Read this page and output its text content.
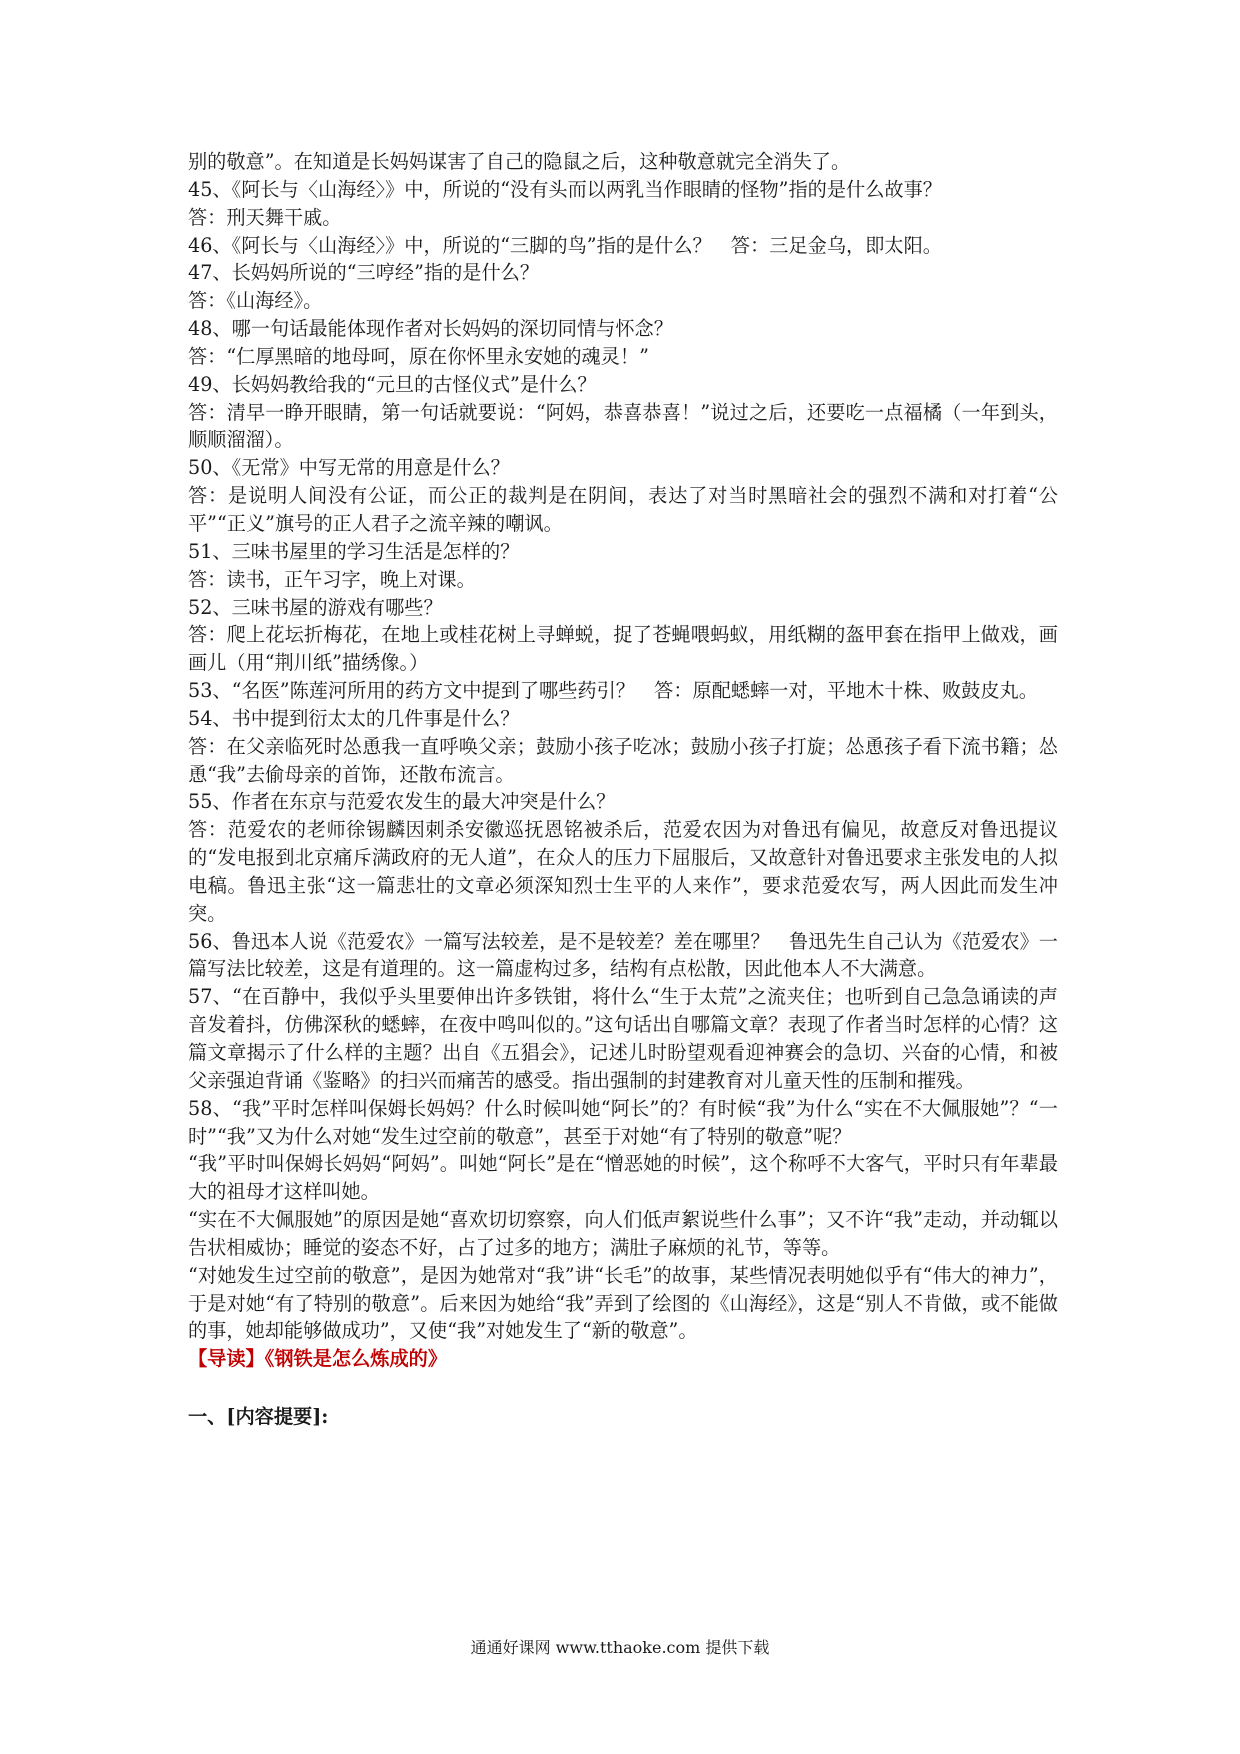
别的敬意”。在知道是长妈妈谋害了自己的隐鼠之后，这种敬意就完全消失了。

45、《阿长与〈山海经〉》中，所说的“没有头而以两乳当作眼睛的怪物”指的是什么故事？

答：刑天舞干戚。

46、《阿长与〈山海经〉》中，所说的“三脚的鸟”指的是什么？　答：三足金乌，即太阳。

47、长妈妈所说的“三哼经”指的是什么？

答：《山海经》。

48、哪一句话最能体现作者对长妈妈的深切同情与怀念？

答：“仁厚黑暗的地母呵，原在你怀里永安她的魂灵！”

49、长妈妈教给我的“元旦的古怪仪式”是什么？

答：清早一睁开眼睛，第一句话就要说：“阿妈，恭喜恭喜！”说过之后，还要吃一点福橘（一年到头，顺顺溜溜）。

50、《无常》中写无常的用意是什么？

答：是说明人间没有公证，而公正的裁判是在阴间，表达了对当时黑暗社会的强烈不满和对打着“公平”“正义”旗号的正人君子之流辛辣的嘲讽。

51、三味书屋里的学习生活是怎样的？

答：读书，正午习字，晚上对课。

52、三味书屋的游戏有哪些？

答：爬上花坛折梅花，在地上或桂花树上寻蝉蜕，捉了苍蝇喂蚂蚁，用纸糊的盔甲套在指甲上做戏，画画儿（用“荆川纸”描绣像。）

53、“名医”陈莲河所用的药方文中提到了哪些药引？　答：原配蟋蟀一对，平地木十株、败鼓皮丸。

54、书中提到衍太太的几件事是什么？

答：在父亲临死时怂恿我一直呼唤父亲；鼓励小孩子吃冰；鼓励小孩子打旋；怂恿孩子看下流书籍；怂恿“我”去偷母亲的首饰，还散布流言。

55、作者在东京与范爱农发生的最大冲突是什么？

答：范爱农的老师徐锡麟因刺杀安徽巡抚恩铭被杀后，范爱农因为对鲁迅有偏见，故意反对鲁迅提议的“发电报到北京痛斥满政府的无人道”，在众人的压力下屈服后，又故意针对鲁迅要求主张发电的人拟电稿。鲁迅主张“这一篇悲壮的文章必须深知烈士生平的人来作”，要求范爱农写，两人因此而发生冲突。

56、鲁迅本人说《范爱农》一篇写法较差，是不是较差？差在哪里？　鲁迅先生自己认为《范爱农》一篇写法比较差，这是有道理的。这一篇虚构过多，结构有点松散，因此他本人不大满意。

57、“在百静中，我似乎头里要伸出许多铁钳，将什么“生于太荒”之流夹住；也听到自己急急诵读的声音发着抖，仿佛深秋的蟋蟀，在夜中鸣叫似的。”这句话出自哪篇文章？表现了作者当时怎样的心情？这篇文章揭示了什么样的主题？出自《五猖会》，记述儿时盼望观看迎神赛会的急切、兴奋的心情，和被父亲强迫背诵《鉴略》的扫兴而痛苦的感受。指出强制的封建教育对儿童天性的压制和摧残。

58、“我”平时怎样叫保姆长妈妈？什么时候叫她“阿长”的？有时候“我”为什么“实在不大佩服她”？“一时”“我”又为什么对她“发生过空前的敬意”，甚至于对她“有了特别的敬意”呢？

“我”平时叫保姆长妈妈“阿妈”。叫她“阿长”是在“憎恶她的时候”，这个称呼不大客气，平时只有年辈最大的祖母才这样叫她。

“实在不大佩服她”的原因是她“喜欢切切察察，向人们低声絮说些什么事”；又不许“我”走动，并动辄以告状相威协；睡觉的姿态不好，占了过多的地方；满肚子麻烦的礼节，等等。

“对她发生过空前的敬意”，是因为她常对“我”讲“长毛”的故事，某些情况表明她似乎有“伟大的神力”，于是对她“有了特别的敬意”。后来因为她给“我”弄到了绘图的《山海经》，这是“别人不肯做，或不能做的事，她却能够做成功”，又使“我”对她发生了“新的敬意”。

【导读】《钢铁是怎么炼成的》

一、[内容提要]:

通通好课网 www.tthaoke.com 提供下载
